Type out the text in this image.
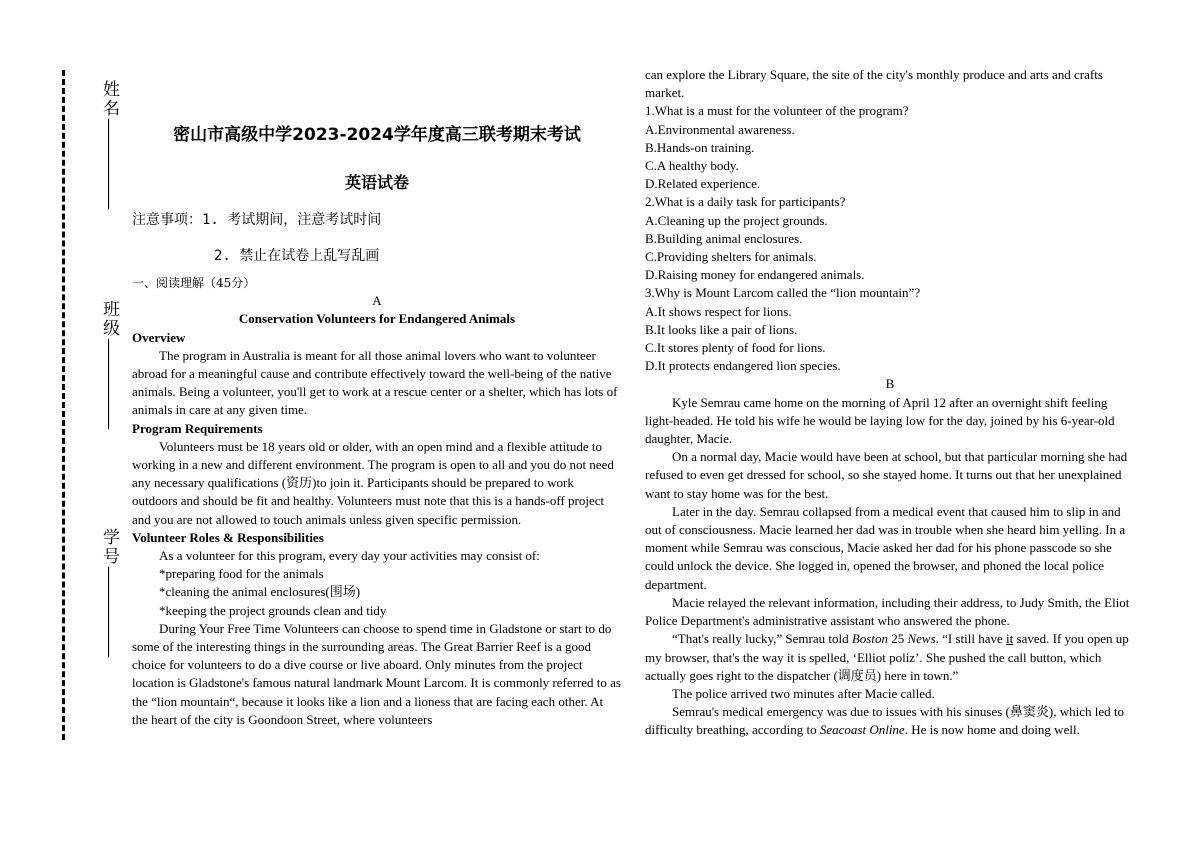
姓名——————
班级——————
学号——————
密山市高级中学2023-2024学年度高三联考期末考试
英语试卷
注意事项：1. 考试期间，注意考试时间
2. 禁止在试卷上乱写乱画
一、阅读理解（45分）

A

Conservation Volunteers for Endangered Animals

Overview

The program in Australia is meant for all those animal lovers who want to volunteer abroad for a meaningful cause and contribute effectively toward the well-being of the native animals. Being a volunteer, you'll get to work at a rescue center or a shelter, which has lots of animals in care at any given time.

Program Requirements

Volunteers must be 18 years old or older, with an open mind and a flexible attitude to working in a new and different environment. The program is open to all and you do not need any necessary qualifications (资历)to join it. Participants should be prepared to work outdoors and should be fit and healthy. Volunteers must note that this is a hands-off project and you are not allowed to touch animals unless given specific permission.

Volunteer Roles & Responsibilities

As a volunteer for this program, every day your activities may consist of:

*preparing food for the animals

*cleaning the animal enclosures(围场)

*keeping the project grounds clean and tidy

During Your Free Time Volunteers can choose to spend time in Gladstone or start to do some of the interesting things in the surrounding areas. The Great Barrier Reef is a good choice for volunteers to do a dive course or live aboard. Only minutes from the project location is Gladstone's famous natural landmark Mount Larcom. It is commonly referred to as the “lion mountain“, because it looks like a lion and a lioness that are facing each other. At the heart of the city is Goondoon Street, where volunteers

can explore the Library Square, the site of the city's monthly produce and arts and crafts market.

1.What is a must for the volunteer of the program?

A.Environmental awareness.

B.Hands-on training.

C.A healthy body.

D.Related experience.

2.What is a daily task for participants?

A.Cleaning up the project grounds.

B.Building animal enclosures.

C.Providing shelters for animals.

D.Raising money for endangered animals.

3.Why is Mount Larcom called the “lion mountain”?

A.It shows respect for lions.

B.It looks like a pair of lions.

C.It stores plenty of food for lions.

D.It protects endangered lion species.

B

Kyle Semrau came home on the morning of April 12 after an overnight shift feeling light-headed. He told his wife he would be laying low for the day, joined by his 6-year-old daughter, Macie.

On a normal day, Macie would have been at school, but that particular morning she had refused to even get dressed for school, so she stayed home. It turns out that her unexplained want to stay home was for the best.

Later in the day. Semrau collapsed from a medical event that caused him to slip in and out of consciousness. Macie learned her dad was in trouble when she heard him yelling. In a moment while Semrau was conscious, Macie asked her dad for his phone passcode so she could unlock the device. She logged in, opened the browser, and phoned the local police department.

Macie relayed the relevant information, including their address, to Judy Smith, the Eliot Police Department's administrative assistant who answered the phone.

“That's really lucky,” Semrau told Boston 25 News. “I still have it saved. If you open up my browser, that's the way it is spelled, ‘Elliot poliz’. She pushed the call button, which actually goes right to the dispatcher (调度员) here in town.”

The police arrived two minutes after Macie called.

Semrau's medical emergency was due to issues with his sinuses (鼻窦炎), which led to difficulty breathing, according to Seacoast Online. He is now home and doing well.
